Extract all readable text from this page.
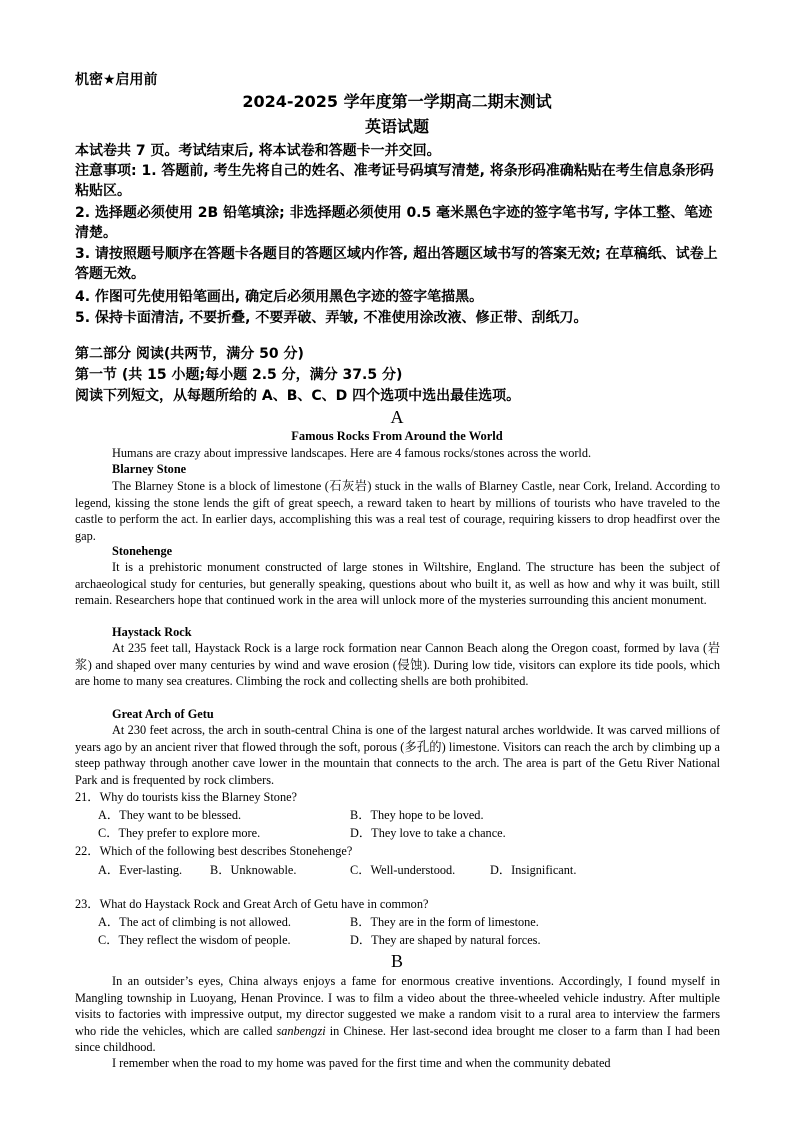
机密★启用前
2024-2025 学年度第一学期高二期末测试
英语试题
本试卷共 7 页。考试结束后, 将本试卷和答题卡一并交回。
注意事项: 1. 答题前, 考生先将自己的姓名、准考证号码填写清楚, 将条形码准确粘贴在考生信息条形码粘贴区。
2. 选择题必须使用 2B 铅笔填涂; 非选择题必须使用 0.5 毫米黑色字迹的签字笔书写, 字体工整、笔迹清楚。
3. 请按照题号顺序在答题卡各题目的答题区域内作答, 超出答题区域书写的答案无效; 在草稿纸、试卷上答题无效。
4. 作图可先使用铅笔画出, 确定后必须用黑色字迹的签字笔描黑。
5. 保持卡面清洁, 不要折叠, 不要弄破、弄皱, 不准使用涂改液、修正带、刮纸刀。
第二部分 阅读(共两节，满分 50 分)
第一节 (共 15 小题;每小题 2.5 分，满分 37.5 分)
阅读下列短文，从每题所给的 A、B、C、D 四个选项中选出最佳选项。
A
Famous Rocks From Around the World
Humans are crazy about impressive landscapes. Here are 4 famous rocks/stones across the world.
Blarney Stone
The Blarney Stone is a block of limestone (石灰岩) stuck in the walls of Blarney Castle, near Cork, Ireland. According to legend, kissing the stone lends the gift of great speech, a reward taken to heart by millions of tourists who have traveled to the castle to perform the act. In earlier days, accomplishing this was a real test of courage, requiring kissers to drop headfirst over the gap.
Stonehenge
It is a prehistoric monument constructed of large stones in Wiltshire, England. The structure has been the subject of archaeological study for centuries, but generally speaking, questions about who built it, as well as how and why it was built, still remain. Researchers hope that continued work in the area will unlock more of the mysteries surrounding this ancient monument.
Haystack Rock
At 235 feet tall, Haystack Rock is a large rock formation near Cannon Beach along the Oregon coast, formed by lava (岩浆) and shaped over many centuries by wind and wave erosion (侵蚀). During low tide, visitors can explore its tide pools, which are home to many sea creatures. Climbing the rock and collecting shells are both prohibited.
Great Arch of Getu
At 230 feet across, the arch in south-central China is one of the largest natural arches worldwide. It was carved millions of years ago by an ancient river that flowed through the soft, porous (多孔的) limestone. Visitors can reach the arch by climbing up a steep pathway through another cave lower in the mountain that connects to the arch. The area is part of the Getu River National Park and is frequented by rock climbers.
21．Why do tourists kiss the Blarney Stone?
A．They want to be blessed.	B．They hope to be loved.
C．They prefer to explore more.	D．They love to take a chance.
22．Which of the following best describes Stonehenge?
A．Ever-lasting. B．Unknowable.	C．Well-understood.	D．Insignificant.
23．What do Haystack Rock and Great Arch of Getu have in common?
A．The act of climbing is not allowed.	B．They are in the form of limestone.
C．They reflect the wisdom of people.	D．They are shaped by natural forces.
B
In an outsider’s eyes, China always enjoys a fame for enormous creative inventions. Accordingly, I found myself in Mangling township in Luoyang, Henan Province. I was to film a video about the three-wheeled vehicle industry. After multiple visits to factories with impressive output, my director suggested we make a random visit to a rural area to interview the farmers who ride the vehicles, which are called sanbengzi in Chinese. Her last-second idea brought me closer to a farm than I had been since childhood.
I remember when the road to my home was paved for the first time and when the community debated
